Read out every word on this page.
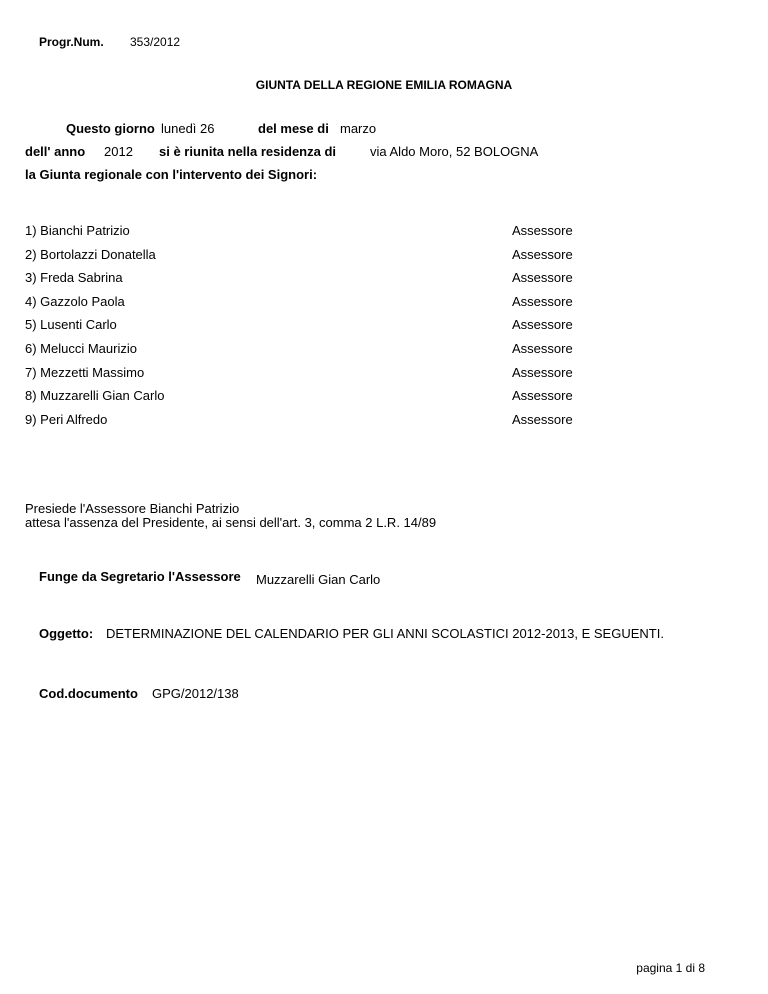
Progr.Num. 353/2012
GIUNTA DELLA REGIONE EMILIA ROMAGNA
Questo giorno lunedì 26	del mese di marzo
dell' anno 2012 si è riunita nella residenza di	via Aldo Moro, 52 BOLOGNA
la Giunta regionale con l'intervento dei Signori:
1) Bianchi Patrizio	Assessore
2) Bortolazzi Donatella	Assessore
3) Freda Sabrina	Assessore
4) Gazzolo Paola	Assessore
5) Lusenti Carlo	Assessore
6) Melucci Maurizio	Assessore
7) Mezzetti Massimo	Assessore
8) Muzzarelli Gian Carlo	Assessore
9) Peri Alfredo	Assessore
Presiede l'Assessore Bianchi Patrizio
attesa l'assenza del Presidente, ai sensi dell'art. 3, comma 2 L.R. 14/89
Funge da Segretario l'Assessore Muzzarelli Gian Carlo
Oggetto: DETERMINAZIONE DEL CALENDARIO PER GLI ANNI SCOLASTICI 2012-2013, E SEGUENTI.
Cod.documento GPG/2012/138
pagina 1 di 8
